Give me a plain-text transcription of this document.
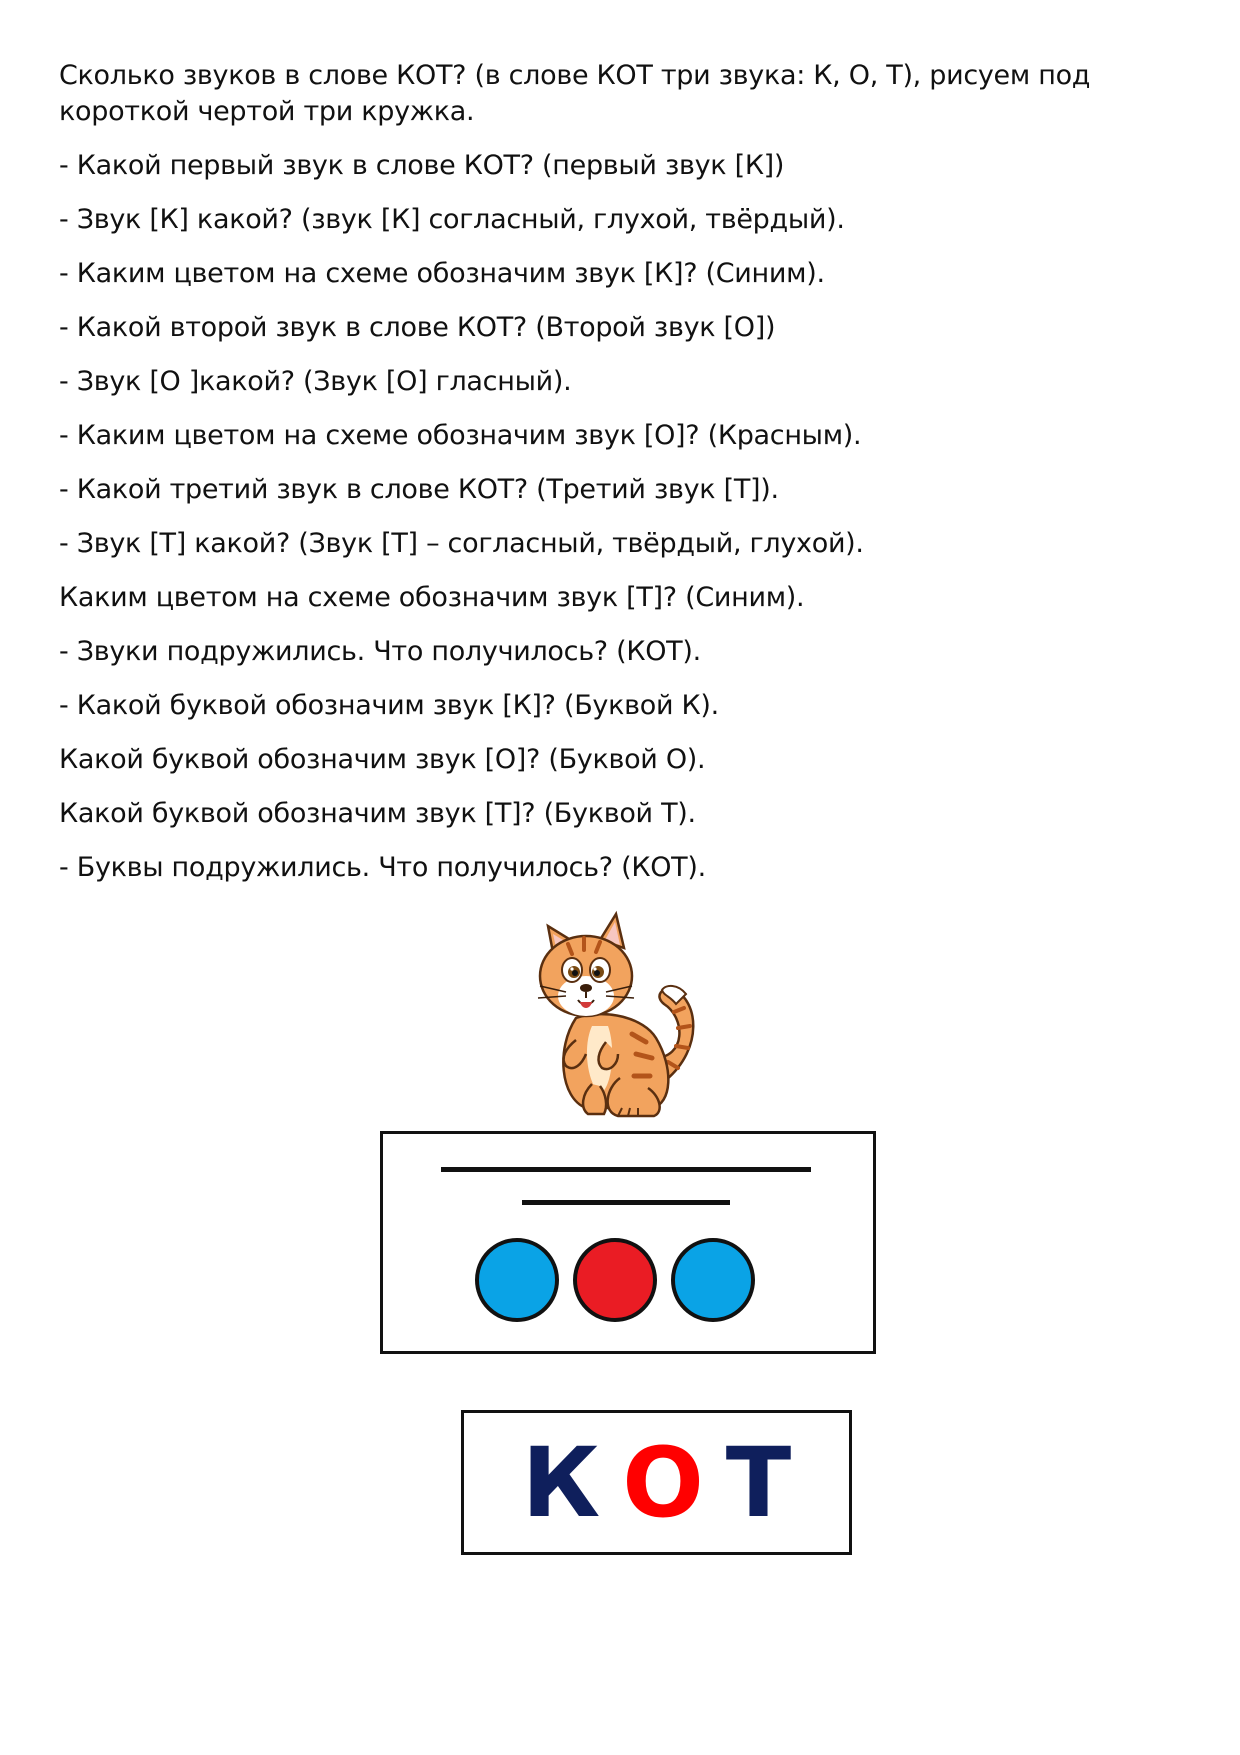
Сколько звуков в слове КОТ? (в слове КОТ три звука: К, О, Т), рисуем под короткой чертой три кружка.

- Какой первый звук в слове КОТ? (первый звук [К])

- Звук [К] какой? (звук [К] согласный, глухой, твёрдый).

- Каким цветом на схеме обозначим звук [К]? (Синим).

- Какой второй звук в слове КОТ? (Второй звук [О])

- Звук [О ]какой? (Звук [О] гласный).

- Каким цветом на схеме обозначим звук [О]? (Красным).

- Какой третий звук в слове КОТ? (Третий звук [Т]).

- Звук [Т] какой? (Звук [Т] – согласный, твёрдый, глухой).

Каким цветом на схеме обозначим звук [Т]? (Синим).

- Звуки подружились. Что получилось? (КОТ).

- Какой буквой обозначим звук [К]? (Буквой К).

Какой буквой обозначим звук [О]? (Буквой О).

Какой буквой обозначим звук [Т]? (Буквой Т).

- Буквы подружились. Что получилось? (КОТ).

К О Т
